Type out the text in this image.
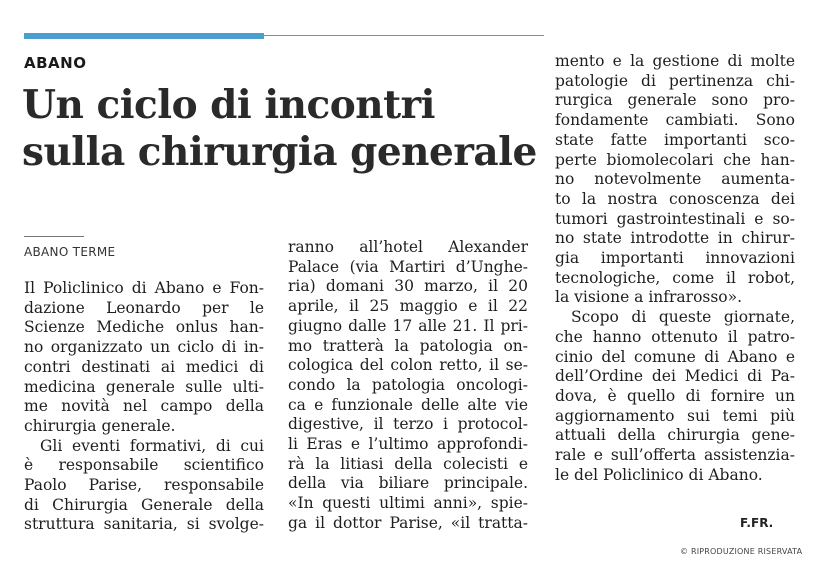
ABANO
Un ciclo di incontri
sulla chirurgia generale
ABANO TERME
Il Policlinico di Abano e Fon-
dazione Leonardo per le
Scienze Mediche onlus han-
no organizzato un ciclo di in-
contri destinati ai medici di
medicina generale sulle ulti-
me novità nel campo della
chirurgia generale.
Gli eventi formativi, di cui
è responsabile scientifico
Paolo Parise, responsabile
di Chirurgia Generale della
struttura sanitaria, si svolge-
ranno all’hotel Alexander
Palace (via Martiri d’Unghe-
ria) domani 30 marzo, il 20
aprile, il 25 maggio e il 22
giugno dalle 17 alle 21. Il pri-
mo tratterà la patologia on-
cologica del colon retto, il se-
condo la patologia oncologi-
ca e funzionale delle alte vie
digestive, il terzo i protocol-
li Eras e l’ultimo approfondi-
rà la litiasi della colecisti e
della via biliare principale.
«In questi ultimi anni», spie-
ga il dottor Parise, «il tratta-
mento e la gestione di molte
patologie di pertinenza chi-
rurgica generale sono pro-
fondamente cambiati. Sono
state fatte importanti sco-
perte biomolecolari che han-
no notevolmente aumenta-
to la nostra conoscenza dei
tumori gastrointestinali e so-
no state introdotte in chirur-
gia importanti innovazioni
tecnologiche, come il robot,
la visione a infrarosso».
Scopo di queste giornate,
che hanno ottenuto il patro-
cinio del comune di Abano e
dell’Ordine dei Medici di Pa-
dova, è quello di fornire un
aggiornamento sui temi più
attuali della chirurgia gene-
rale e sull’offerta assistenzia-
le del Policlinico di Abano.
F.FR.
© RIPRODUZIONE RISERVATA
